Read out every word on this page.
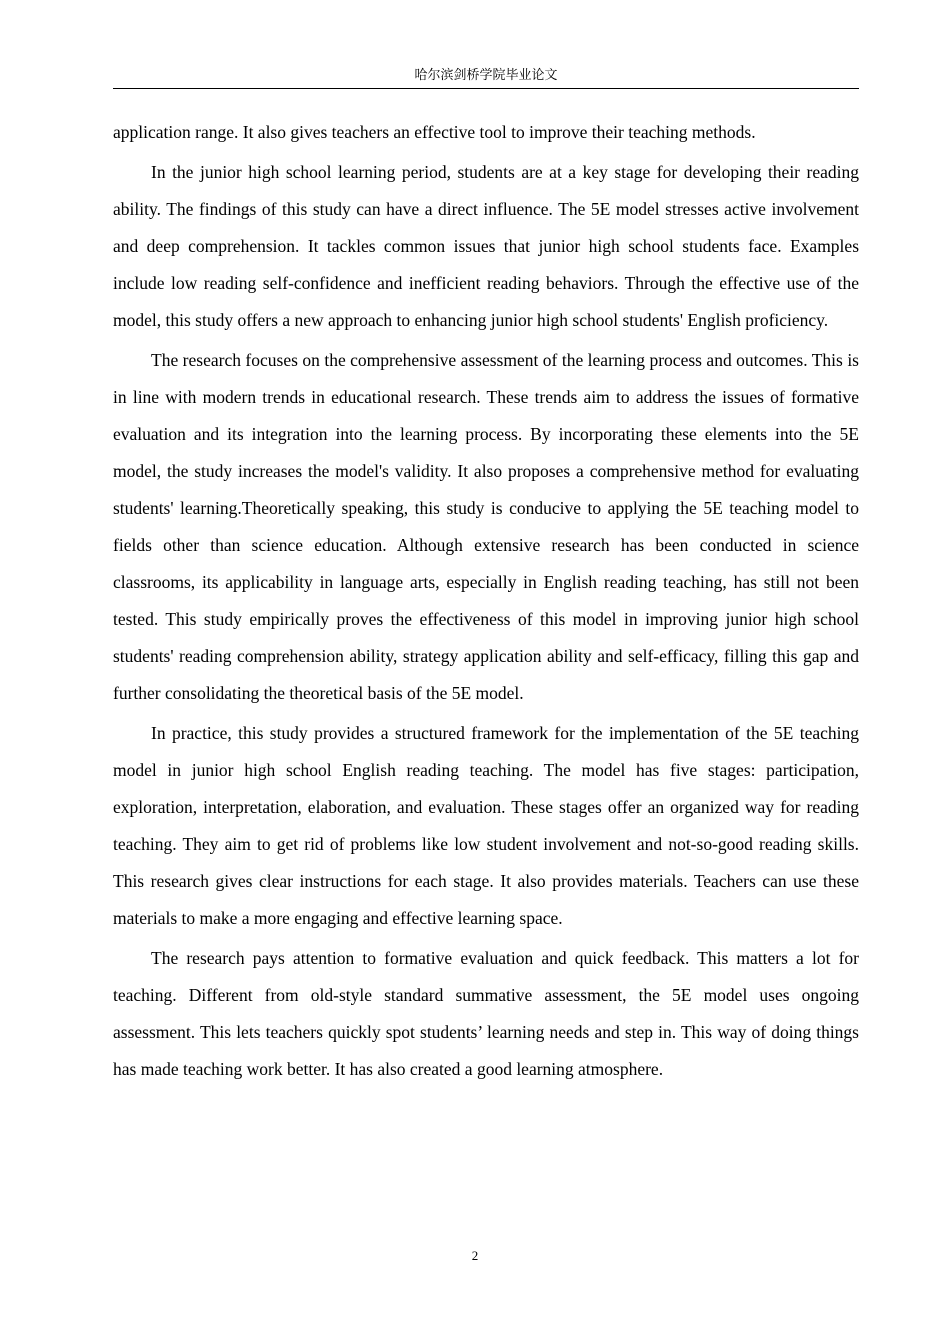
哈尔滨剑桥学院毕业论文

application range. It also gives teachers an effective tool to improve their teaching methods.

In the junior high school learning period, students are at a key stage for developing their reading ability. The findings of this study can have a direct influence. The 5E model stresses active involvement and deep comprehension. It tackles common issues that junior high school students face. Examples include low reading self-confidence and inefficient reading behaviors. Through the effective use of the model, this study offers a new approach to enhancing junior high school students' English proficiency.

The research focuses on the comprehensive assessment of the learning process and outcomes. This is in line with modern trends in educational research. These trends aim to address the issues of formative evaluation and its integration into the learning process. By incorporating these elements into the 5E model, the study increases the model's validity. It also proposes a comprehensive method for evaluating students' learning.Theoretically speaking, this study is conducive to applying the 5E teaching model to fields other than science education. Although extensive research has been conducted in science classrooms, its applicability in language arts, especially in English reading teaching, has still not been tested. This study empirically proves the effectiveness of this model in improving junior high school students' reading comprehension ability, strategy application ability and self-efficacy, filling this gap and further consolidating the theoretical basis of the 5E model.

In practice, this study provides a structured framework for the implementation of the 5E teaching model in junior high school English reading teaching. The model has five stages: participation, exploration, interpretation, elaboration, and evaluation. These stages offer an organized way for reading teaching. They aim to get rid of problems like low student involvement and not-so-good reading skills. This research gives clear instructions for each stage. It also provides materials. Teachers can use these materials to make a more engaging and effective learning space.

The research pays attention to formative evaluation and quick feedback. This matters a lot for teaching. Different from old-style standard summative assessment, the 5E model uses ongoing assessment. This lets teachers quickly spot students’ learning needs and step in. This way of doing things has made teaching work better. It has also created a good learning atmosphere.

2
